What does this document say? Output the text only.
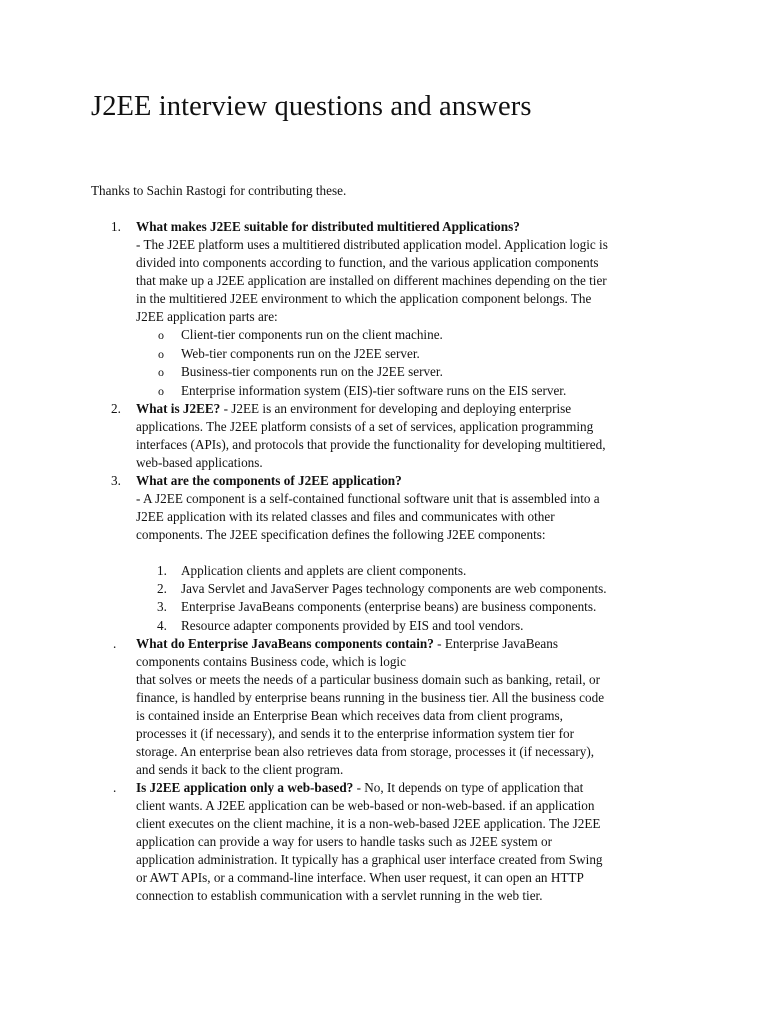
J2EE interview questions and answers

Thanks to Sachin Rastogi for contributing these.

1. What makes J2EE suitable for distributed multitiered Applications?
- The J2EE platform uses a multitiered distributed application model. Application logic is
divided into components according to function, and the various application components
that make up a J2EE application are installed on different machines depending on the tier
in the multitiered J2EE environment to which the application component belongs. The
J2EE application parts are:
o Client-tier components run on the client machine.
o Web-tier components run on the J2EE server.
o Business-tier components run on the J2EE server.
o Enterprise information system (EIS)-tier software runs on the EIS server.
2. What is J2EE? - J2EE is an environment for developing and deploying enterprise
applications. The J2EE platform consists of a set of services, application programming
interfaces (APIs), and protocols that provide the functionality for developing multitiered,
web-based applications.
3. What are the components of J2EE application?
- A J2EE component is a self-contained functional software unit that is assembled into a
J2EE application with its related classes and files and communicates with other
components. The J2EE specification defines the following J2EE components:
1. Application clients and applets are client components.
2. Java Servlet and JavaServer Pages technology components are web components.
3. Enterprise JavaBeans components (enterprise beans) are business components.
4. Resource adapter components provided by EIS and tool vendors.
. What do Enterprise JavaBeans components contain? - Enterprise JavaBeans
components contains Business code, which is logic
that solves or meets the needs of a particular business domain such as banking, retail, or
finance, is handled by enterprise beans running in the business tier. All the business code
is contained inside an Enterprise Bean which receives data from client programs,
processes it (if necessary), and sends it to the enterprise information system tier for
storage. An enterprise bean also retrieves data from storage, processes it (if necessary),
and sends it back to the client program.
. Is J2EE application only a web-based? - No, It depends on type of application that
client wants. A J2EE application can be web-based or non-web-based. if an application
client executes on the client machine, it is a non-web-based J2EE application. The J2EE
application can provide a way for users to handle tasks such as J2EE system or
application administration. It typically has a graphical user interface created from Swing
or AWT APIs, or a command-line interface. When user request, it can open an HTTP
connection to establish communication with a servlet running in the web tier.
